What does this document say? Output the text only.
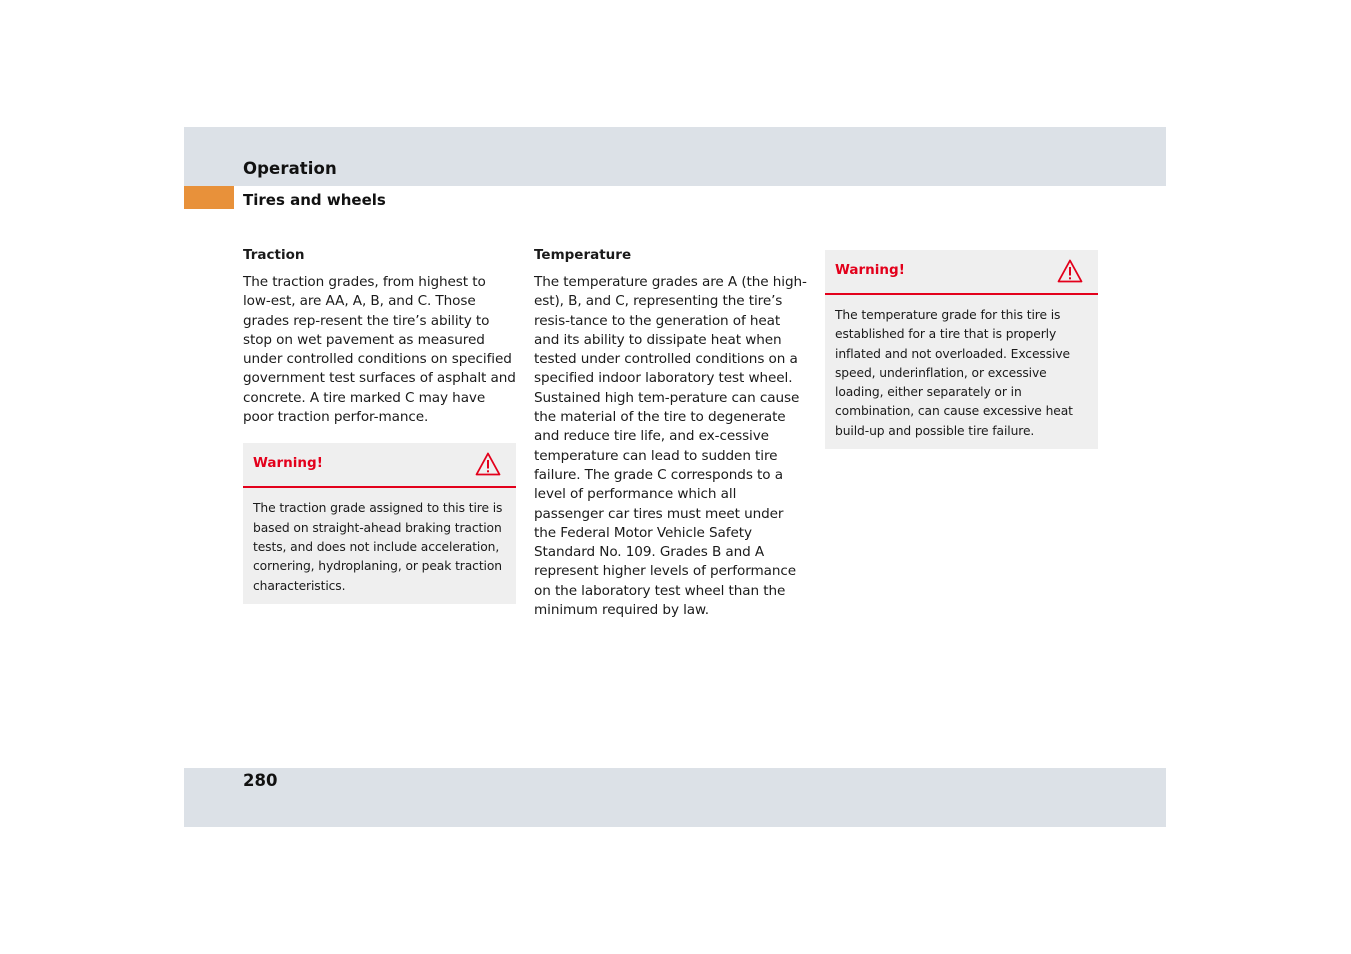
Operation
Tires and wheels

Traction

The traction grades, from highest to low-est, are AA, A, B, and C. Those grades rep-resent the tire’s ability to stop on wet pavement as measured under controlled conditions on specified government test surfaces of asphalt and concrete. A tire marked C may have poor traction perfor-mance.

Warning!

The traction grade assigned to this tire is based on straight-ahead braking traction tests, and does not include acceleration, cornering, hydroplaning, or peak traction characteristics.

Temperature

The temperature grades are A (the high-est), B, and C, representing the tire’s resis-tance to the generation of heat and its ability to dissipate heat when tested under controlled conditions on a specified indoor laboratory test wheel. Sustained high tem-perature can cause the material of the tire to degenerate and reduce tire life, and ex-cessive temperature can lead to sudden tire failure. The grade C corresponds to a level of performance which all passenger car tires must meet under the Federal Motor Vehicle Safety Standard No. 109. Grades B and A represent higher levels of performance on the laboratory test wheel than the minimum required by law.

Warning!

The temperature grade for this tire is established for a tire that is properly inflated and not overloaded. Excessive speed, underinflation, or excessive loading, either separately or in combination, can cause excessive heat build-up and possible tire failure.

280
